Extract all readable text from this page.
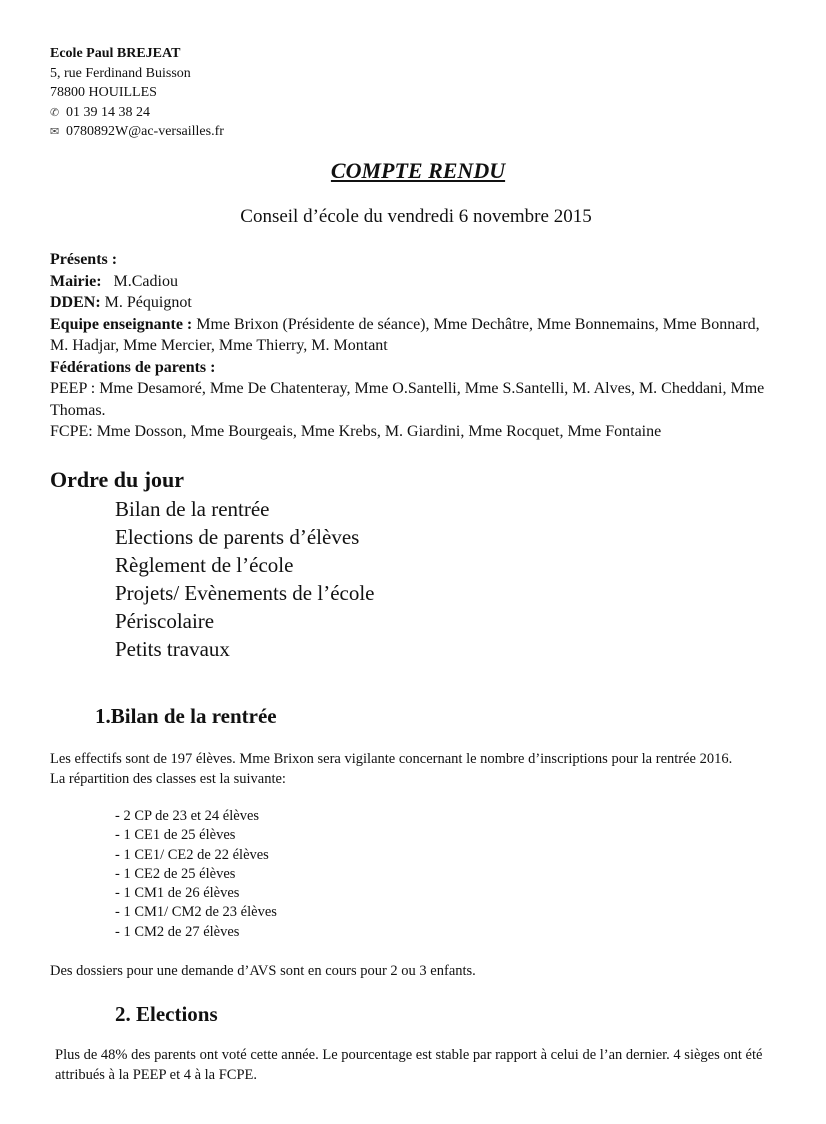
Ecole Paul BREJEAT
5, rue Ferdinand Buisson
78800 HOUILLES
✆ 01 39 14 38 24
✉ 0780892W@ac-versailles.fr
COMPTE RENDU
Conseil d’école du vendredi 6 novembre 2015
Présents :
Mairie: M.Cadiou
DDEN: M. Péquignot
Equipe enseignante : Mme Brixon (Présidente de séance), Mme Dechâtre, Mme Bonnemains, Mme Bonnard, M. Hadjar, Mme Mercier, Mme Thierry, M. Montant
Fédérations de parents :
PEEP : Mme Desamoré, Mme De Chatenteray, Mme O.Santelli, Mme S.Santelli, M. Alves, M. Cheddani, Mme Thomas.
FCPE: Mme Dosson, Mme Bourgeais, Mme Krebs, M. Giardini, Mme Rocquet, Mme Fontaine
Ordre du jour
Bilan de la rentrée
Elections de parents d’élèves
Règlement de l’école
Projets/ Evènements de l’école
Périscolaire
Petits travaux
1.Bilan de la rentrée
Les effectifs sont de 197 élèves. Mme Brixon sera vigilante concernant le nombre d’inscriptions pour la rentrée 2016.
La répartition des classes est la suivante:
- 2 CP de 23 et 24 élèves
- 1 CE1 de 25 élèves
- 1 CE1/ CE2 de 22 élèves
- 1 CE2 de 25 élèves
- 1 CM1 de 26 élèves
- 1 CM1/ CM2 de 23 élèves
- 1 CM2 de 27 élèves
Des dossiers pour une demande d’AVS sont en cours pour 2 ou 3 enfants.
2. Elections
Plus de 48% des parents ont voté cette année. Le pourcentage est stable par rapport à celui de l’an dernier. 4 sièges ont été attribués à la PEEP et 4 à la FCPE.
